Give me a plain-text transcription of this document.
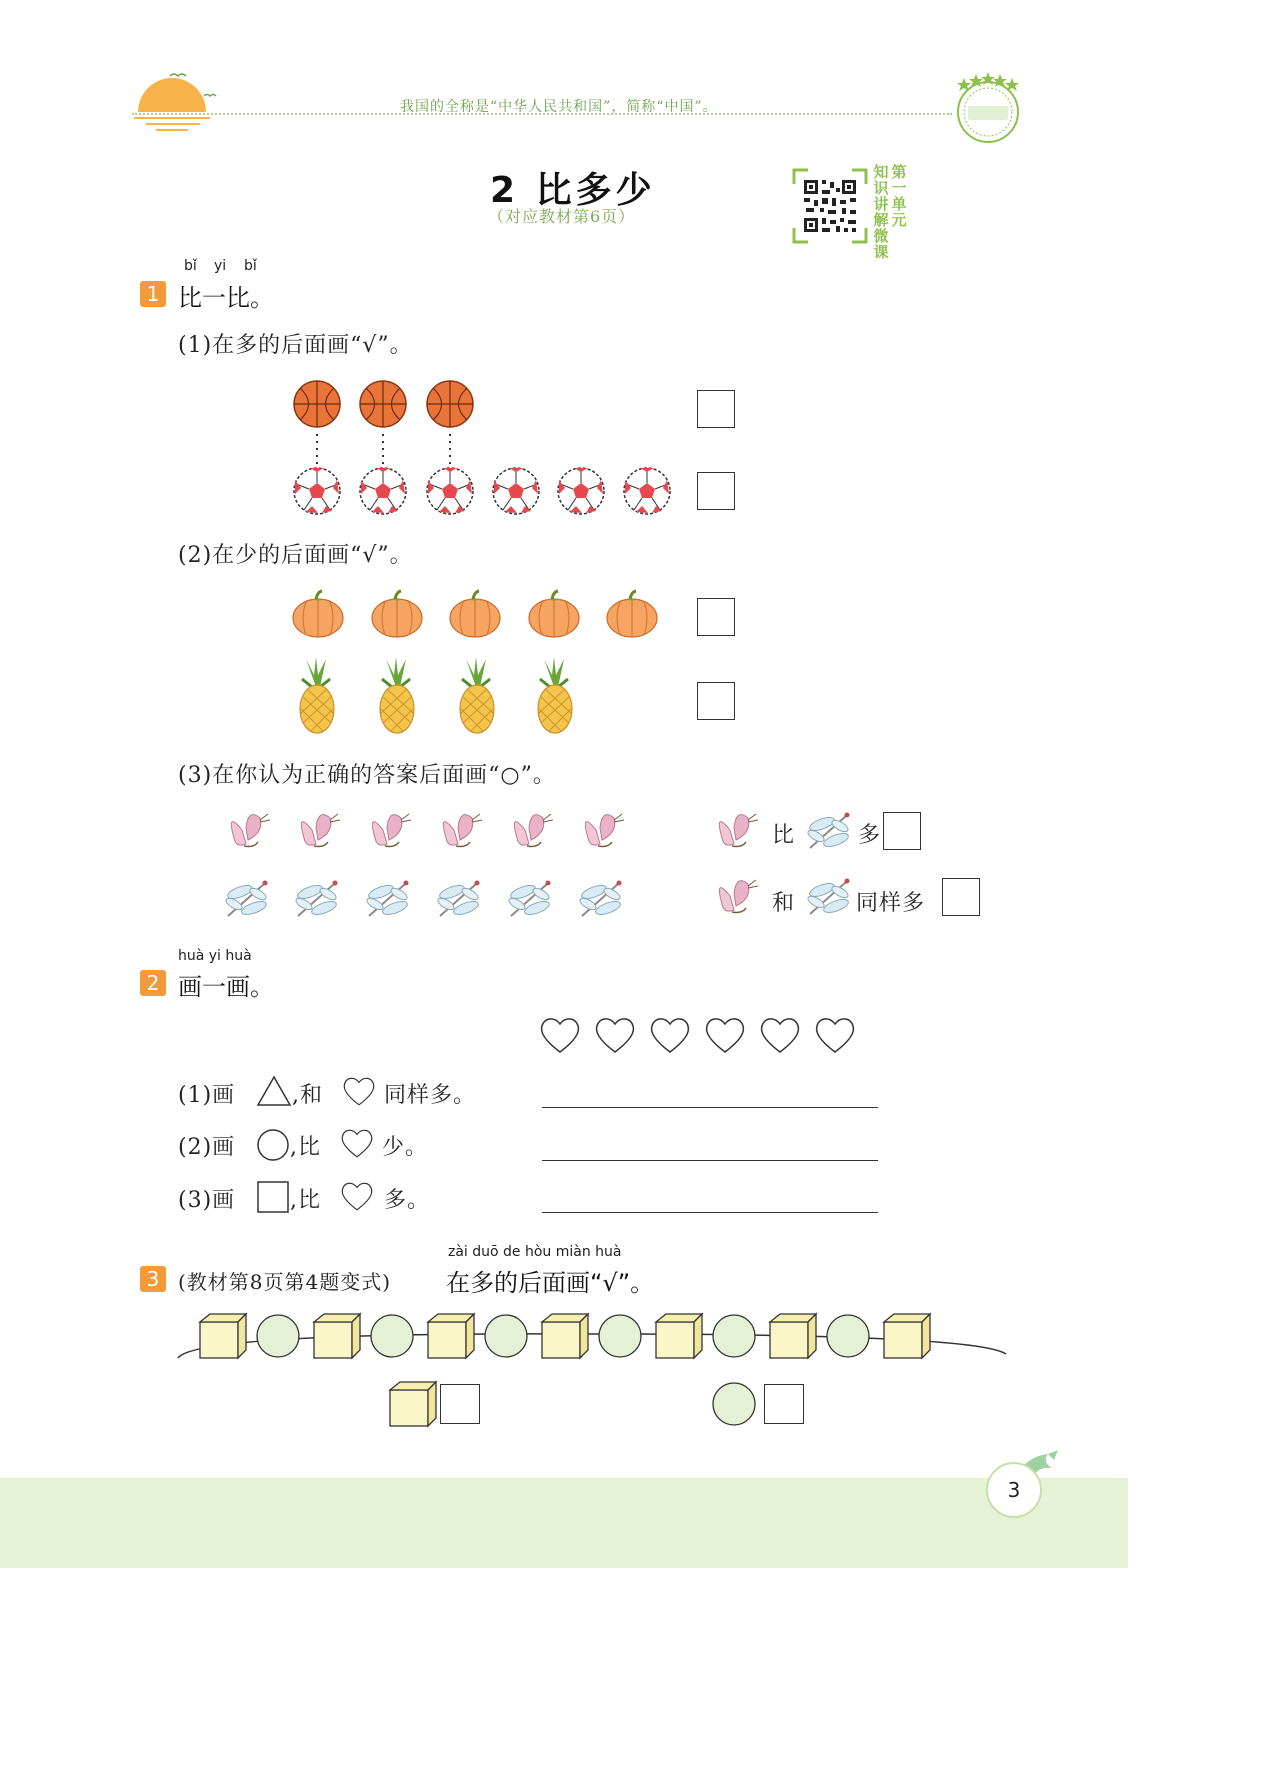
我国的全称是“中华人民共和国”，简称“中国”。
2 比多少
（对应教材第6页）
知识讲解微课
第一单元
bǐ yi bǐ
1 比一比。
(1)在多的后面画“√”。
(2)在少的后面画“√”。
(3)在你认为正确的答案后面画“○”。
比	多
和	同样多
huà yi huà
2 画一画。
(1)画	,和	同样多。
(2)画 ,比	少。
(3)画 ,比	多。
zài duō de hòu miàn huà
3 (教材第8页第4题变式) 在多的后面画“√”。
3
